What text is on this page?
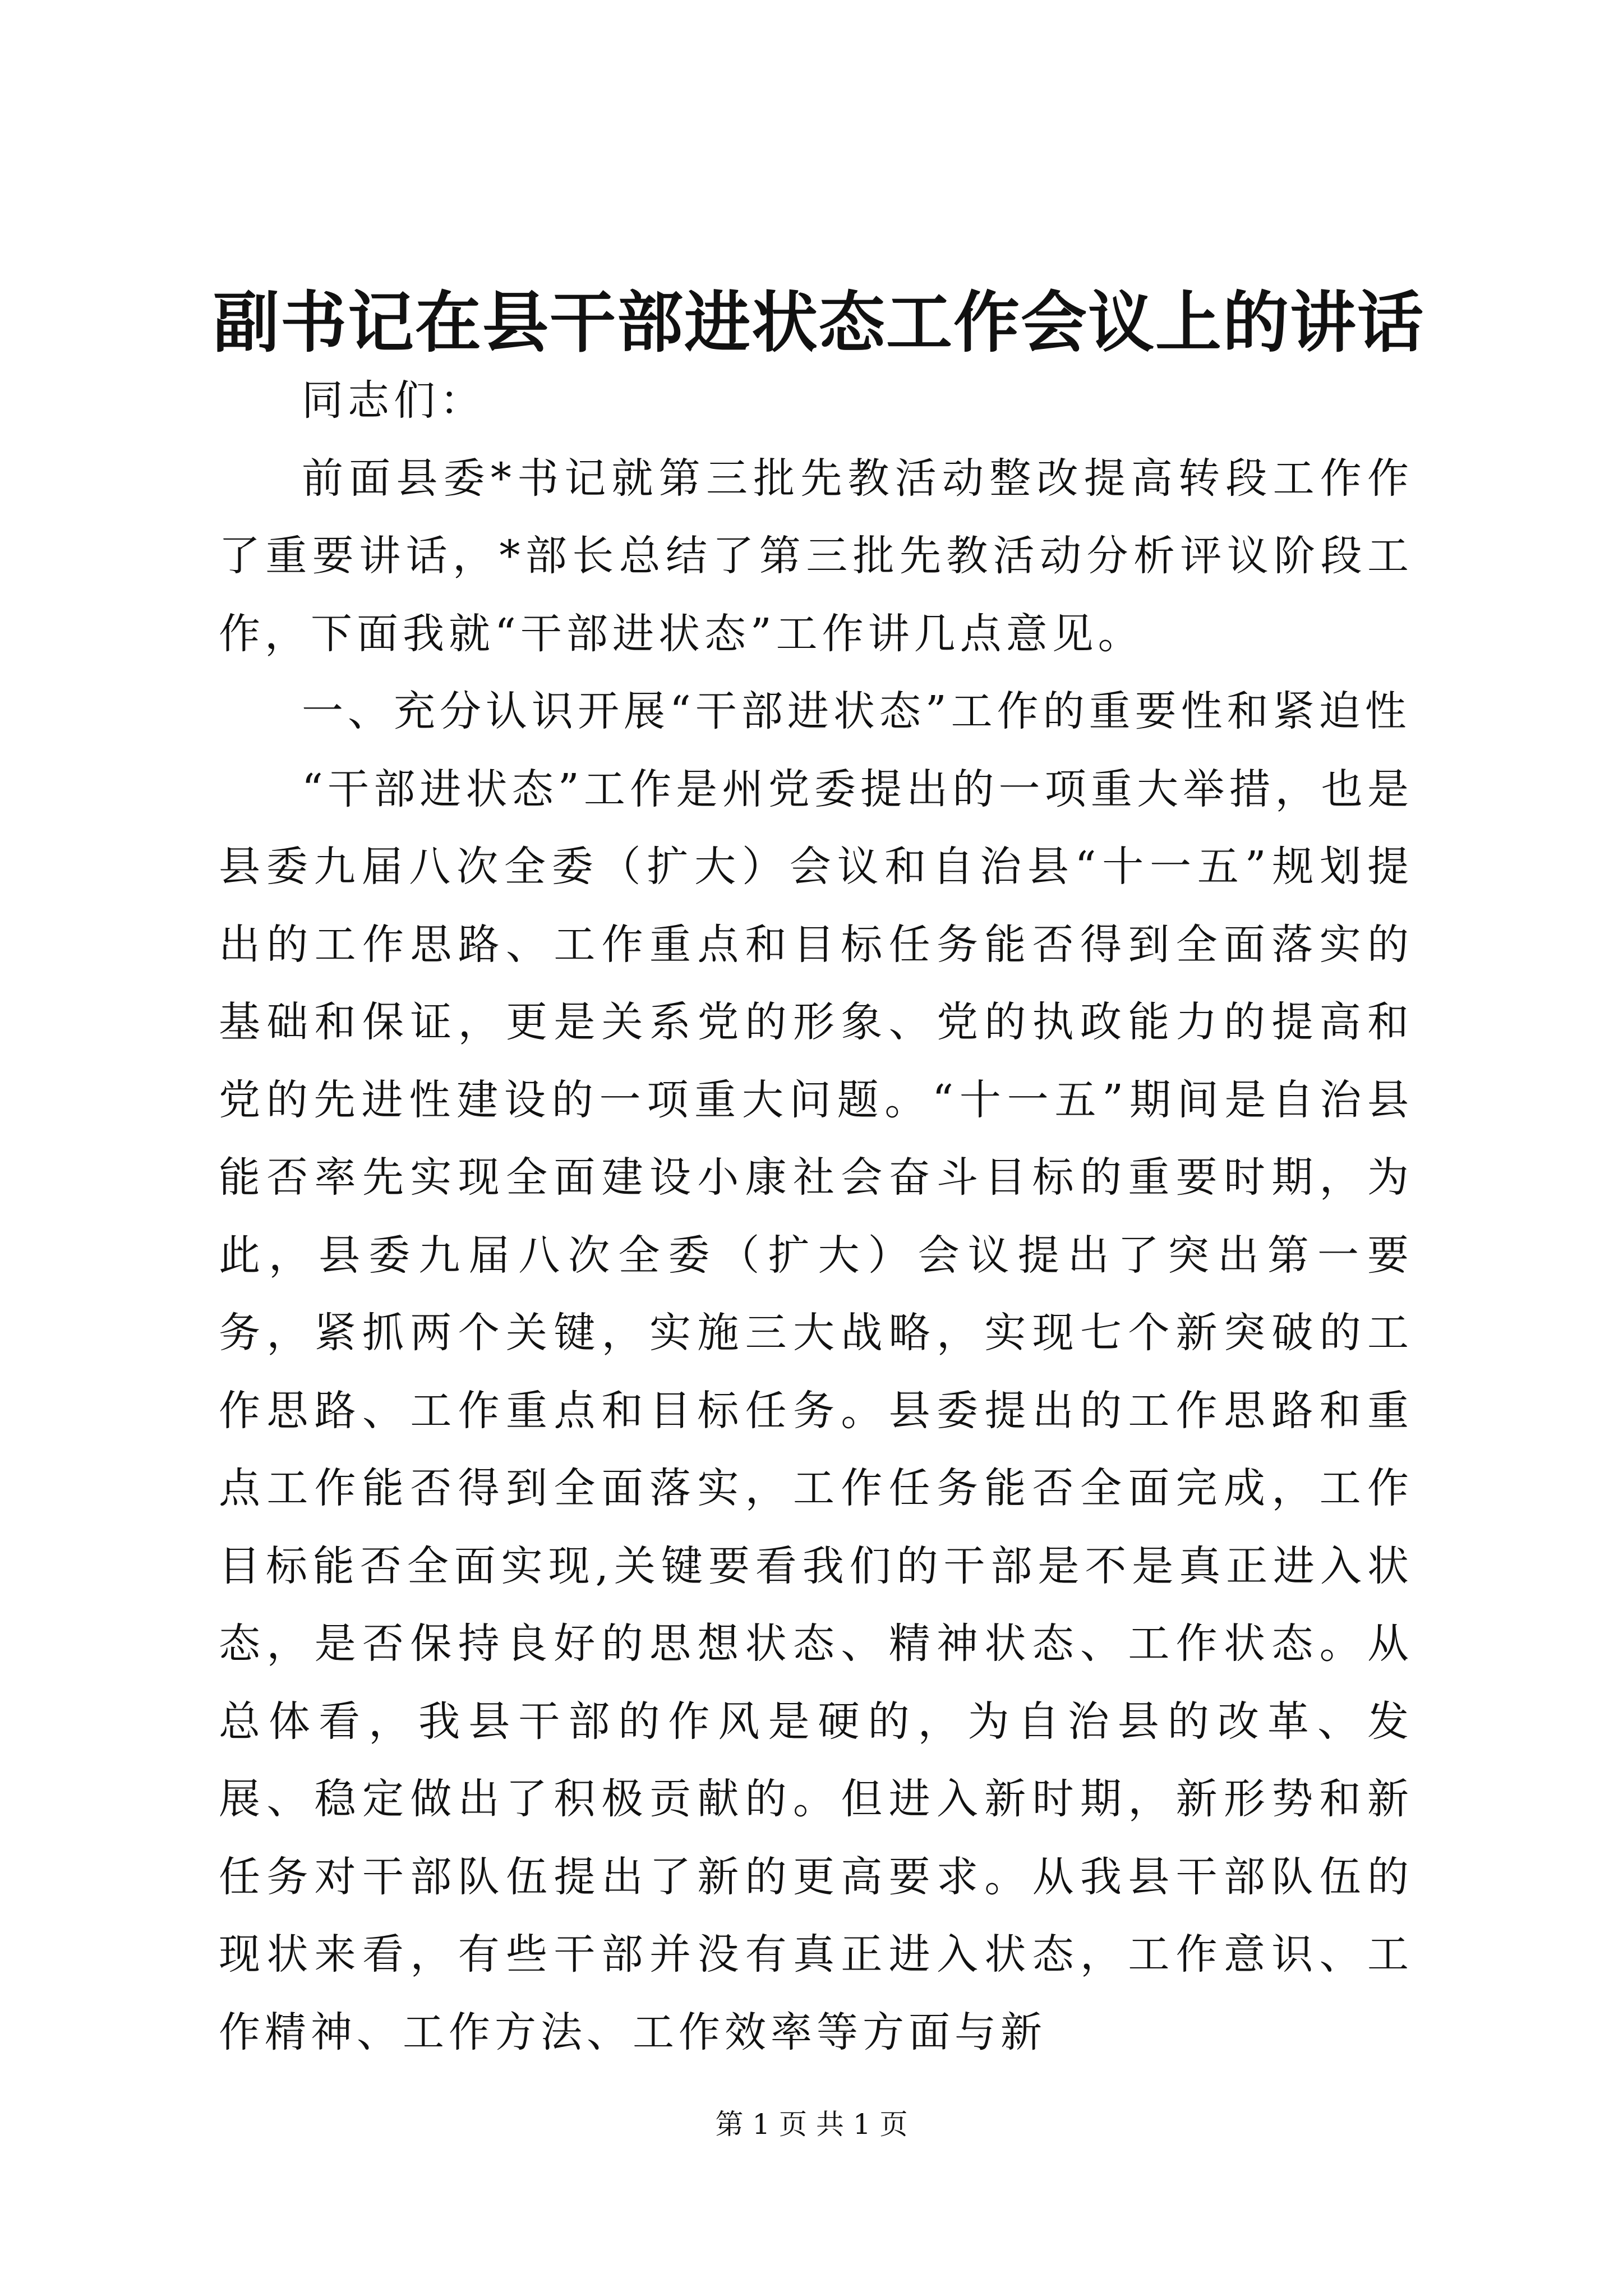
副书记在县干部进状态工作会议上的讲话

同志们：

前面县委*书记就第三批先教活动整改提高转段工作作了重要讲话，*部长总结了第三批先教活动分析评议阶段工作，下面我就“干部进状态”工作讲几点意见。

一、充分认识开展“干部进状态”工作的重要性和紧迫性

“干部进状态”工作是州党委提出的一项重大举措，也是县委九届八次全委（扩大）会议和自治县“十一五”规划提出的工作思路、工作重点和目标任务能否得到全面落实的基础和保证，更是关系党的形象、党的执政能力的提高和党的先进性建设的一项重大问题。“十一五”期间是自治县能否率先实现全面建设小康社会奋斗目标的重要时期，为此，县委九届八次全委（扩大）会议提出了突出第一要务，紧抓两个关键，实施三大战略，实现七个新突破的工作思路、工作重点和目标任务。县委提出的工作思路和重点工作能否得到全面落实，工作任务能否全面完成，工作目标能否全面实现,关键要看我们的干部是不是真正进入状态，是否保持良好的思想状态、精神状态、工作状态。从总体看，我县干部的作风是硬的，为自治县的改革、发展、稳定做出了积极贡献的。但进入新时期，新形势和新任务对干部队伍提出了新的更高要求。从我县干部队伍的现状来看，有些干部并没有真正进入状态，工作意识、工作精神、工作方法、工作效率等方面与新

第 1 页 共 1 页
